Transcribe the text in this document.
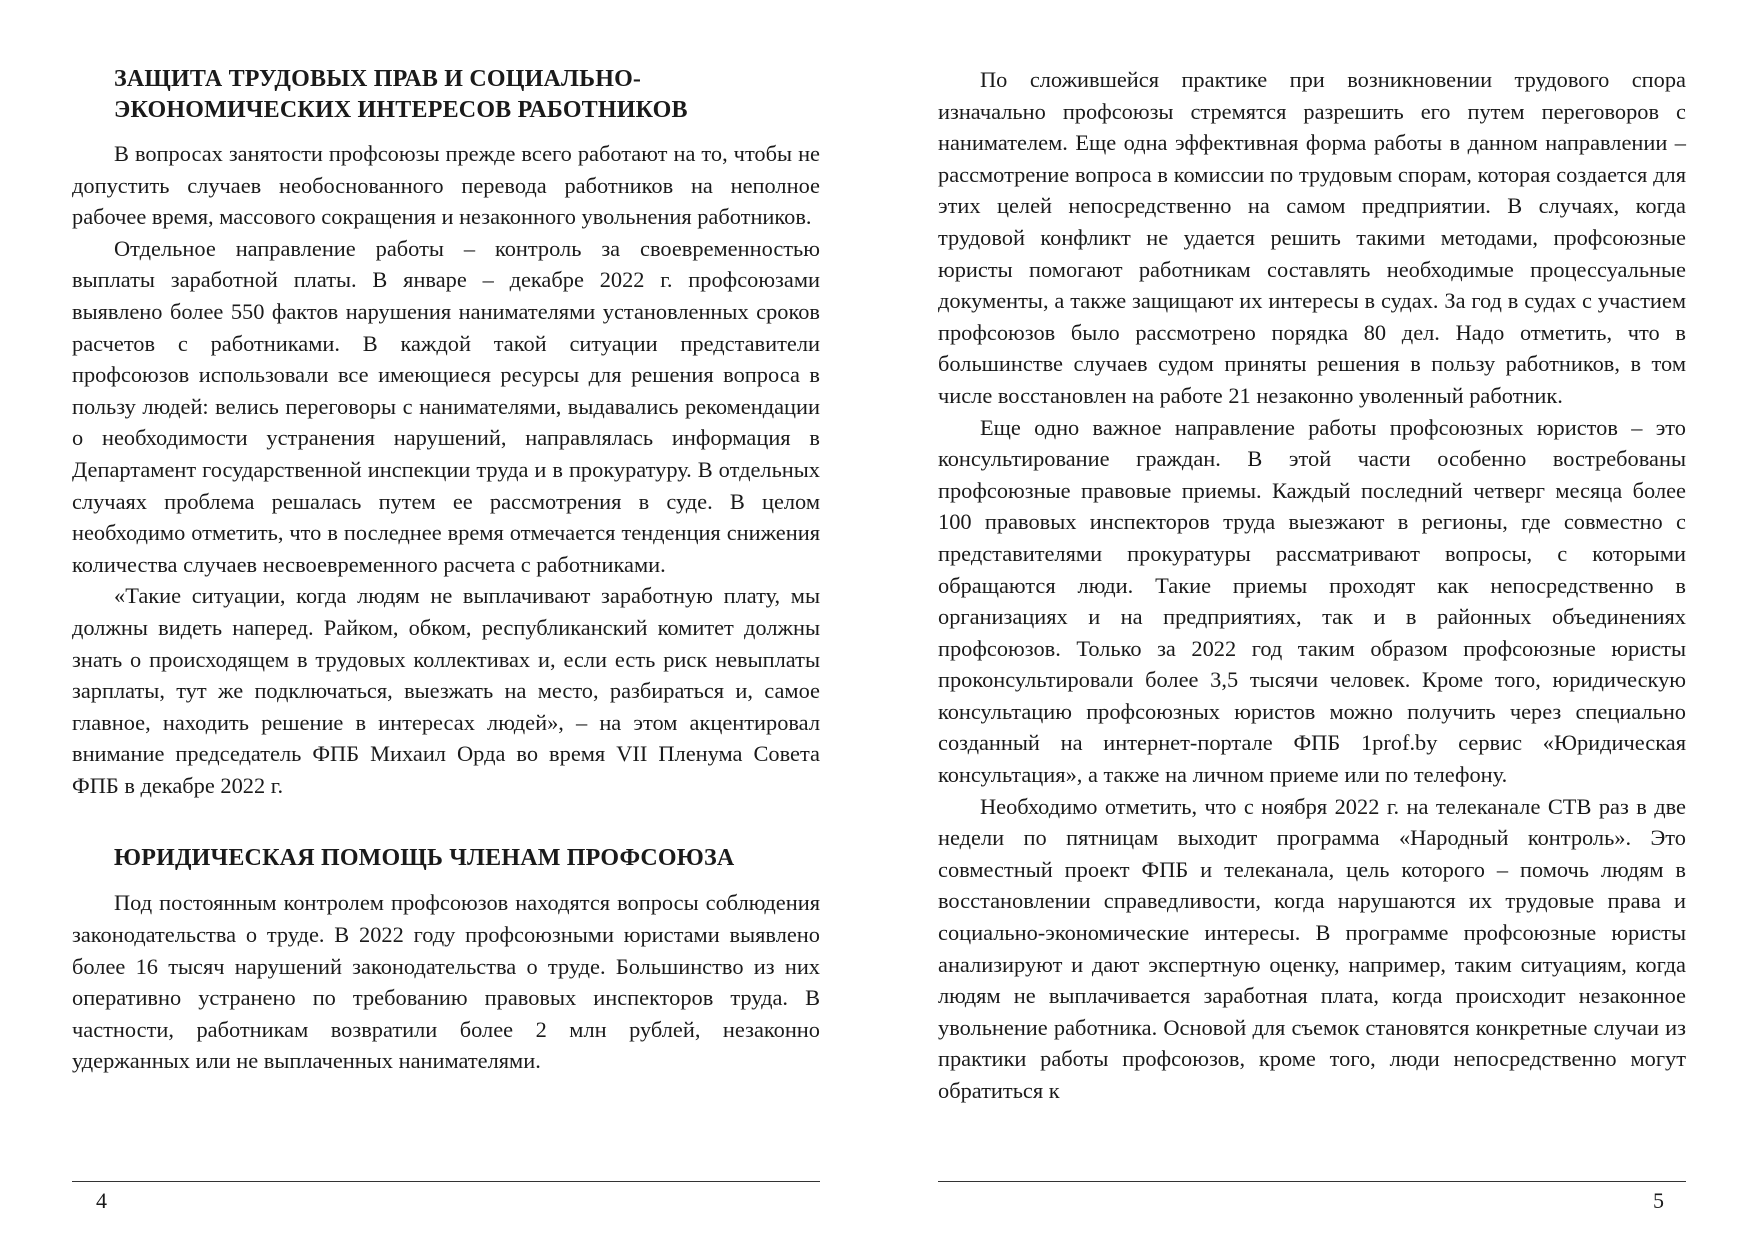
ЗАЩИТА ТРУДОВЫХ ПРАВ И СОЦИАЛЬНО-ЭКОНОМИЧЕСКИХ ИНТЕРЕСОВ РАБОТНИКОВ

В вопросах занятости профсоюзы прежде всего работают на то, чтобы не допустить случаев необоснованного перевода работников на неполное рабочее время, массового сокращения и незаконного увольнения работников.

Отдельное направление работы – контроль за своевременностью выплаты заработной платы. В январе – декабре 2022 г. профсоюзами выявлено более 550 фактов нарушения нанимателями установленных сроков расчетов с работниками. В каждой такой ситуации представители профсоюзов использовали все имеющиеся ресурсы для решения вопроса в пользу людей: велись переговоры с нанимателями, выдавались рекомендации о необходимости устранения нарушений, направлялась информация в Департамент государственной инспекции труда и в прокуратуру. В отдельных случаях проблема решалась путем ее рассмотрения в суде. В целом необходимо отметить, что в последнее время отмечается тенденция снижения количества случаев несвоевременного расчета с работниками.

«Такие ситуации, когда людям не выплачивают заработную плату, мы должны видеть наперед. Райком, обком, республиканский комитет должны знать о происходящем в трудовых коллективах и, если есть риск невыплаты зарплаты, тут же подключаться, выезжать на место, разбираться и, самое главное, находить решение в интересах людей», – на этом акцентировал внимание председатель ФПБ Михаил Орда во время VII Пленума Совета ФПБ в декабре 2022 г.

ЮРИДИЧЕСКАЯ ПОМОЩЬ ЧЛЕНАМ ПРОФСОЮЗА

Под постоянным контролем профсоюзов находятся вопросы соблюдения законодательства о труде. В 2022 году профсоюзными юристами выявлено более 16 тысяч нарушений законодательства о труде. Большинство из них оперативно устранено по требованию правовых инспекторов труда. В частности, работникам возвратили более 2 млн рублей, незаконно удержанных или не выплаченных нанимателями.

4

По сложившейся практике при возникновении трудового спора изначально профсоюзы стремятся разрешить его путем переговоров с нанимателем. Еще одна эффективная форма работы в данном направлении – рассмотрение вопроса в комиссии по трудовым спорам, которая создается для этих целей непосредственно на самом предприятии. В случаях, когда трудовой конфликт не удается решить такими методами, профсоюзные юристы помогают работникам составлять необходимые процессуальные документы, а также защищают их интересы в судах. За год в судах с участием профсоюзов было рассмотрено порядка 80 дел. Надо отметить, что в большинстве случаев судом приняты решения в пользу работников, в том числе восстановлен на работе 21 незаконно уволенный работник.

Еще одно важное направление работы профсоюзных юристов – это консультирование граждан. В этой части особенно востребованы профсоюзные правовые приемы. Каждый последний четверг месяца более 100 правовых инспекторов труда выезжают в регионы, где совместно с представителями прокуратуры рассматривают вопросы, с которыми обращаются люди. Такие приемы проходят как непосредственно в организациях и на предприятиях, так и в районных объединениях профсоюзов. Только за 2022 год таким образом профсоюзные юристы проконсультировали более 3,5 тысячи человек. Кроме того, юридическую консультацию профсоюзных юристов можно получить через специально созданный на интернет-портале ФПБ 1prof.by сервис «Юридическая консультация», а также на личном приеме или по телефону.

Необходимо отметить, что с ноября 2022 г. на телеканале СТВ раз в две недели по пятницам выходит программа «Народный контроль». Это совместный проект ФПБ и телеканала, цель которого – помочь людям в восстановлении справедливости, когда нарушаются их трудовые права и социально-экономические интересы. В программе профсоюзные юристы анализируют и дают экспертную оценку, например, таким ситуациям, когда людям не выплачивается заработная плата, когда происходит незаконное увольнение работника. Основой для съемок становятся конкретные случаи из практики работы профсоюзов, кроме того, люди непосредственно могут обратиться к

5
